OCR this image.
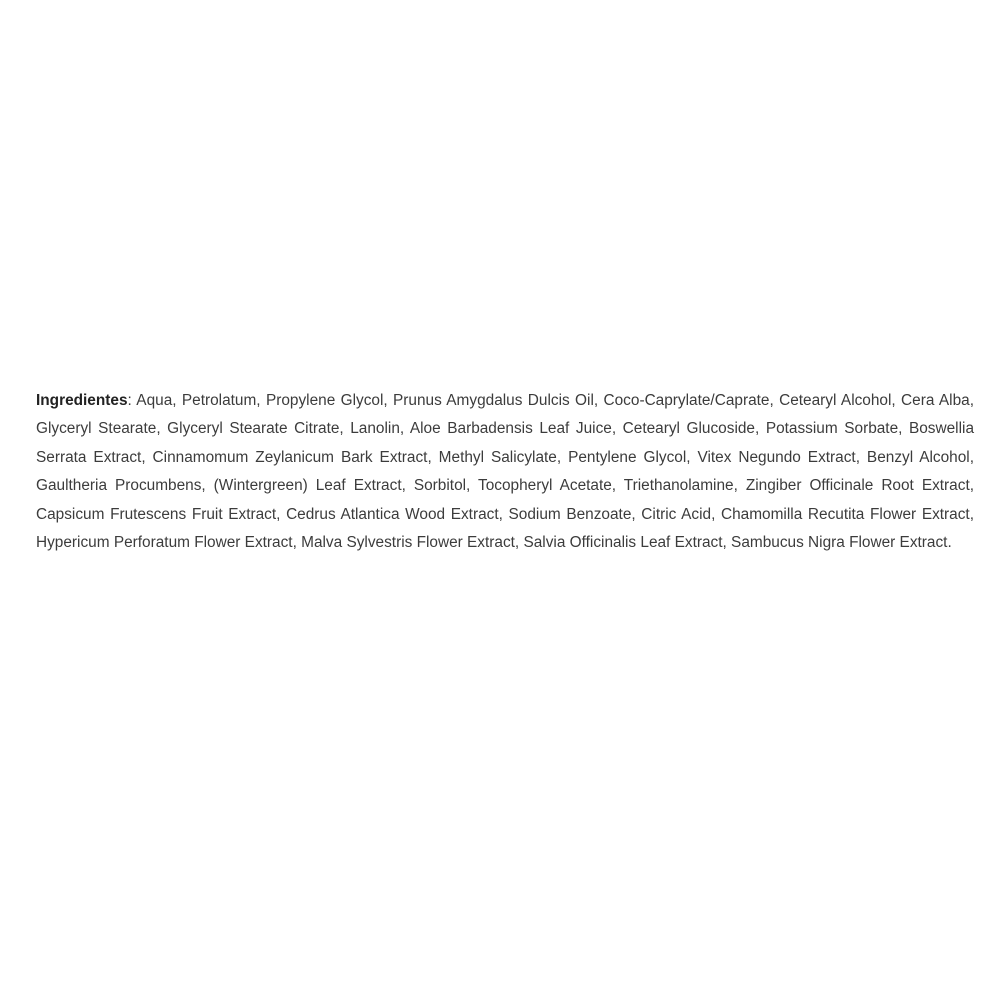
Ingredientes: Aqua, Petrolatum, Propylene Glycol, Prunus Amygdalus Dulcis Oil, Coco-Caprylate/Caprate, Cetearyl Alcohol, Cera Alba, Glyceryl Stearate, Glyceryl Stearate Citrate, Lanolin, Aloe Barbadensis Leaf Juice, Cetearyl Glucoside, Potassium Sorbate, Boswellia Serrata Extract, Cinnamomum Zeylanicum Bark Extract, Methyl Salicylate, Pentylene Glycol, Vitex Negundo Extract, Benzyl Alcohol, Gaultheria Procumbens, (Wintergreen) Leaf Extract, Sorbitol, Tocopheryl Acetate, Triethanolamine, Zingiber Officinale Root Extract, Capsicum Frutescens Fruit Extract, Cedrus Atlantica Wood Extract, Sodium Benzoate, Citric Acid, Chamomilla Recutita Flower Extract, Hypericum Perforatum Flower Extract, Malva Sylvestris Flower Extract, Salvia Officinalis Leaf Extract, Sambucus Nigra Flower Extract.
